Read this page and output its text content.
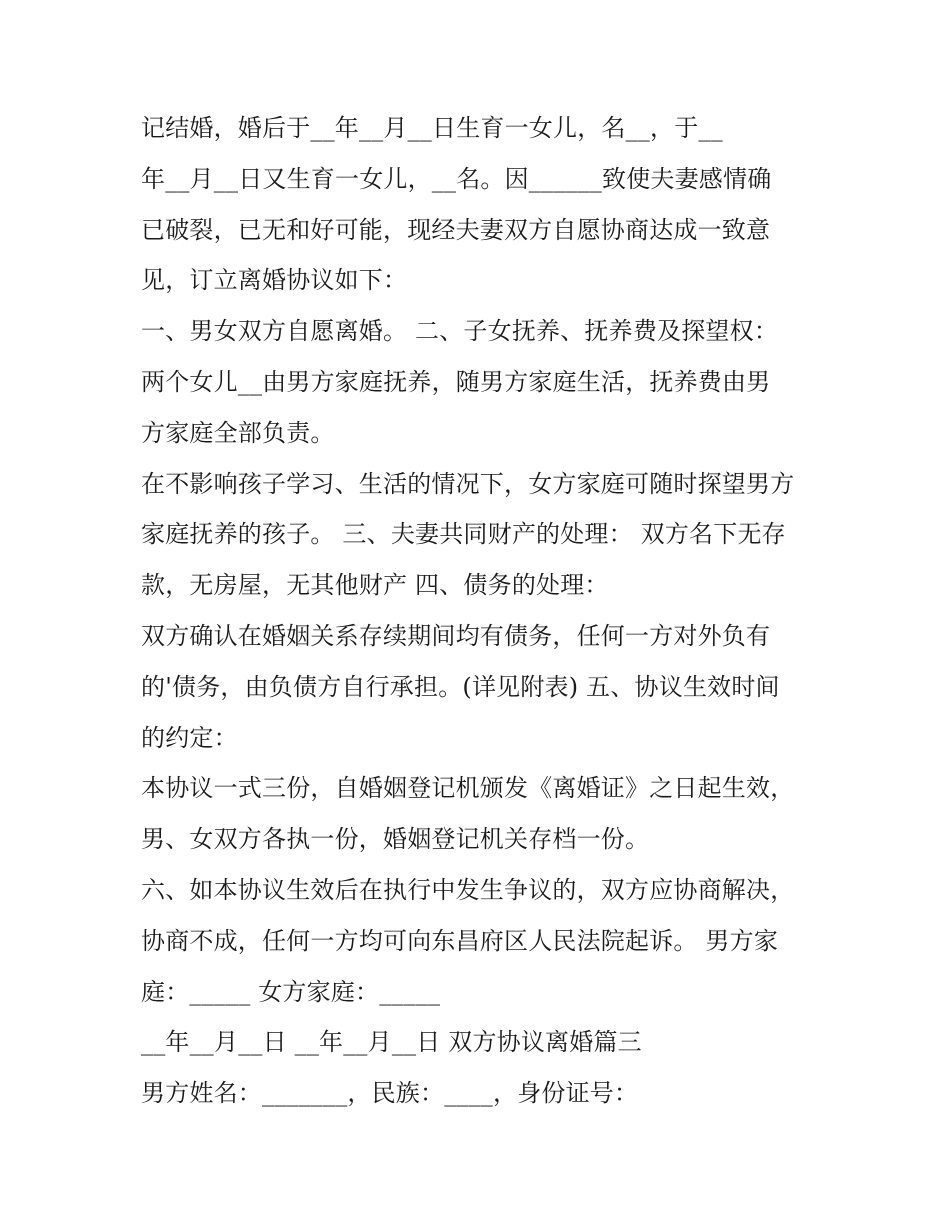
记结婚，婚后于__年__月__日生育一女儿，名__，于__
年__月__日又生育一女儿，__名。因______致使夫妻感情确
已破裂，已无和好可能，现经夫妻双方自愿协商达成一致意
见，订立离婚协议如下：
一、男女双方自愿离婚。 二、子女抚养、抚养费及探望权：
两个女儿__由男方家庭抚养，随男方家庭生活，抚养费由男
方家庭全部负责。
在不影响孩子学习、生活的情况下，女方家庭可随时探望男方
家庭抚养的孩子。 三、夫妻共同财产的处理： 双方名下无存
款，无房屋，无其他财产 四、债务的处理：
双方确认在婚姻关系存续期间均有债务，任何一方对外负有
的'债务，由负债方自行承担。(详见附表) 五、协议生效时间
的约定：
本协议一式三份，自婚姻登记机颁发《离婚证》之日起生效，
男、女双方各执一份，婚姻登记机关存档一份。
六、如本协议生效后在执行中发生争议的，双方应协商解决，
协商不成，任何一方均可向东昌府区人民法院起诉。 男方家
庭：_____ 女方家庭：_____
__年__月__日 __年__月__日 双方协议离婚篇三
男方姓名：_______，民族：____，身份证号：
